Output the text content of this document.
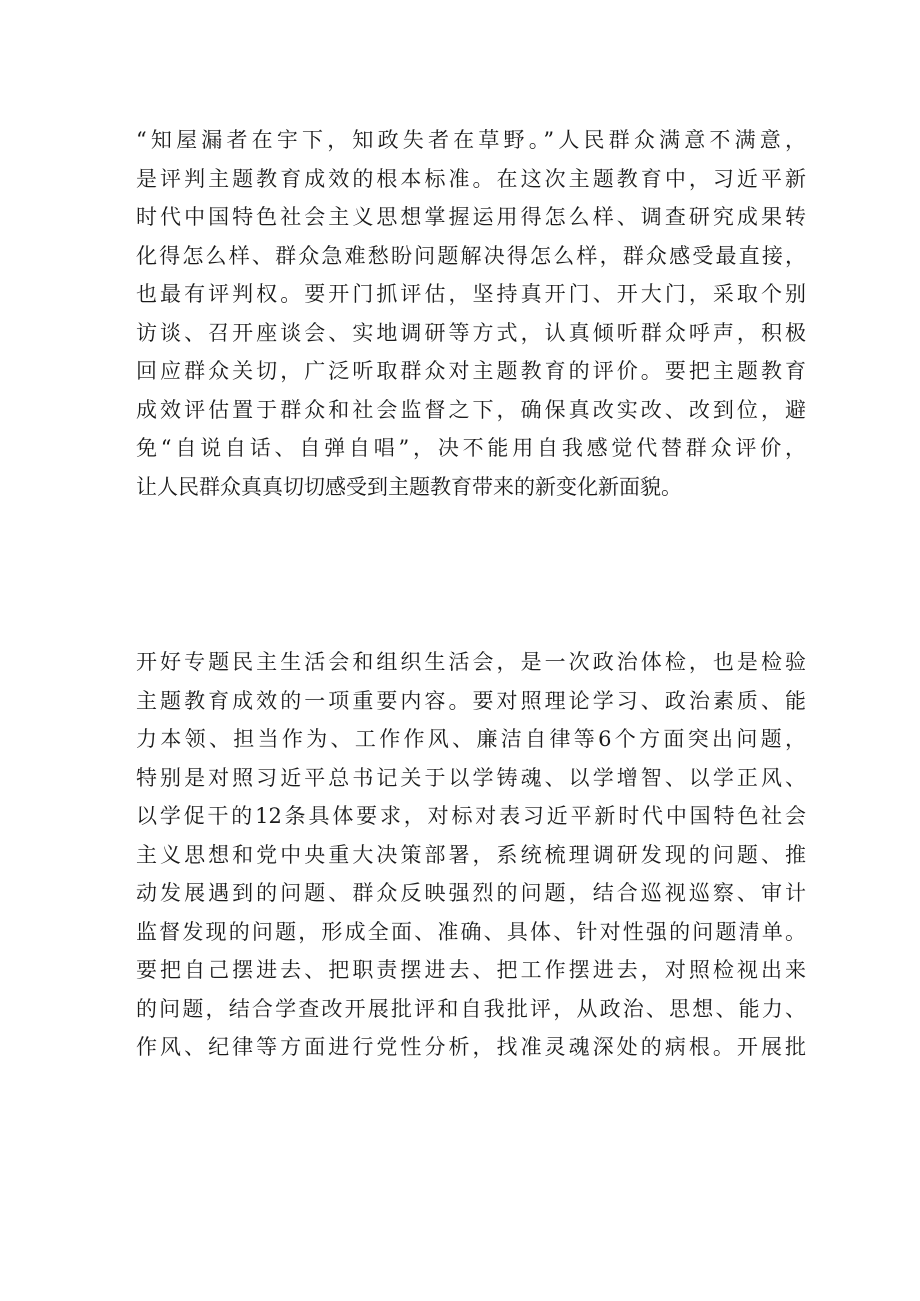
“知屋漏者在宇下，知政失者在草野。”人民群众满意不满意，
是评判主题教育成效的根本标准。在这次主题教育中，习近平新
时代中国特色社会主义思想掌握运用得怎么样、调查研究成果转
化得怎么样、群众急难愁盼问题解决得怎么样，群众感受最直接，
也最有评判权。要开门抓评估，坚持真开门、开大门，采取个别
访谈、召开座谈会、实地调研等方式，认真倾听群众呼声，积极
回应群众关切，广泛听取群众对主题教育的评价。要把主题教育
成效评估置于群众和社会监督之下，确保真改实改、改到位，避
免“自说自话、自弹自唱”，决不能用自我感觉代替群众评价，
让人民群众真真切切感受到主题教育带来的新变化新面貌。
开好专题民主生活会和组织生活会，是一次政治体检，也是检验
主题教育成效的一项重要内容。要对照理论学习、政治素质、能
力本领、担当作为、工作作风、廉洁自律等6个方面突出问题，
特别是对照习近平总书记关于以学铸魂、以学增智、以学正风、
以学促干的12条具体要求，对标对表习近平新时代中国特色社会
主义思想和党中央重大决策部署，系统梳理调研发现的问题、推
动发展遇到的问题、群众反映强烈的问题，结合巡视巡察、审计
监督发现的问题，形成全面、准确、具体、针对性强的问题清单。
要把自己摆进去、把职责摆进去、把工作摆进去，对照检视出来
的问题，结合学查改开展批评和自我批评，从政治、思想、能力、
作风、纪律等方面进行党性分析，找准灵魂深处的病根。开展批
